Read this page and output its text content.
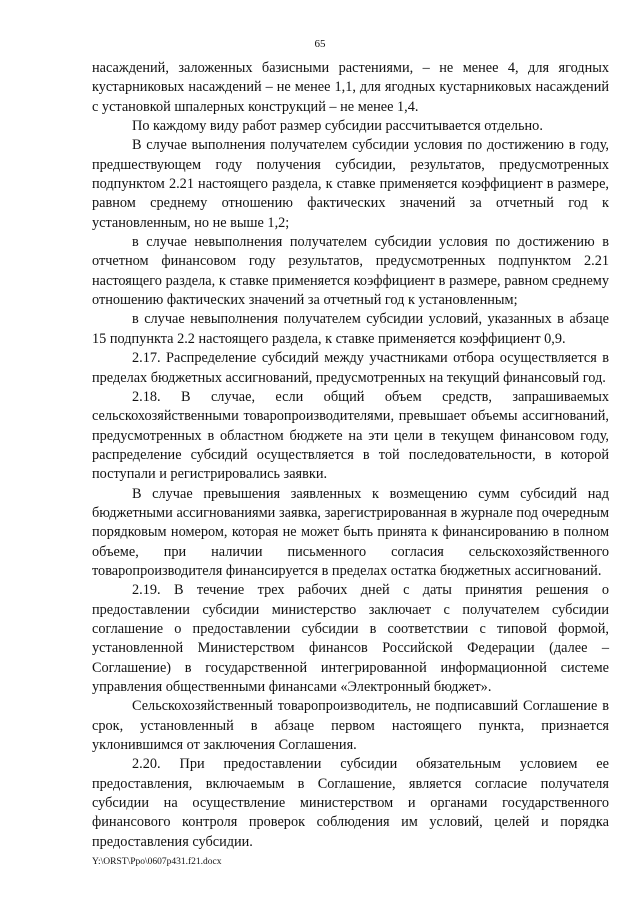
65

насаждений, заложенных базисными растениями, – не менее 4, для ягодных кустарниковых насаждений – не менее 1,1, для ягодных кустарниковых насаждений с установкой шпалерных конструкций – не менее 1,4.

По каждому виду работ размер субсидии рассчитывается отдельно.

В случае выполнения получателем субсидии условия по достижению в году, предшествующем году получения субсидии, результатов, предусмотренных подпунктом 2.21 настоящего раздела, к ставке применяется коэффициент в размере, равном среднему отношению фактических значений за отчетный год к установленным, но не выше 1,2;

в случае невыполнения получателем субсидии условия по достижению в отчетном финансовом году результатов, предусмотренных подпунктом 2.21 настоящего раздела, к ставке применяется коэффициент в размере, равном среднему отношению фактических значений за отчетный год к установленным;

в случае невыполнения получателем субсидии условий, указанных в абзаце 15 подпункта 2.2 настоящего раздела, к ставке применяется коэффициент 0,9.

2.17. Распределение субсидий между участниками отбора осуществляется в пределах бюджетных ассигнований, предусмотренных на текущий финансовый год.

2.18. В случае, если общий объем средств, запрашиваемых сельскохозяйственными товаропроизводителями, превышает объемы ассигнований, предусмотренных в областном бюджете на эти цели в текущем финансовом году, распределение субсидий осуществляется в той последовательности, в которой поступали и регистрировались заявки.

В случае превышения заявленных к возмещению сумм субсидий над бюджетными ассигнованиями заявка, зарегистрированная в журнале под очередным порядковым номером, которая не может быть принята к финансированию в полном объеме, при наличии письменного согласия сельскохозяйственного товаропроизводителя финансируется в пределах остатка бюджетных ассигнований.

2.19. В течение трех рабочих дней с даты принятия решения о предоставлении субсидии министерство заключает с получателем субсидии соглашение о предоставлении субсидии в соответствии с типовой формой, установленной Министерством финансов Российской Федерации (далее – Соглашение) в государственной интегрированной информационной системе управления общественными финансами «Электронный бюджет».

Сельскохозяйственный товаропроизводитель, не подписавший Соглашение в срок, установленный в абзаце первом настоящего пункта, признается уклонившимся от заключения Соглашения.

2.20. При предоставлении субсидии обязательным условием ее предоставления, включаемым в Соглашение, является согласие получателя субсидии на осуществление министерством и органами государственного финансового контроля проверок соблюдения им условий, целей и порядка предоставления субсидии.

Y:\ORST\Ppo\0607p431.f21.docx
